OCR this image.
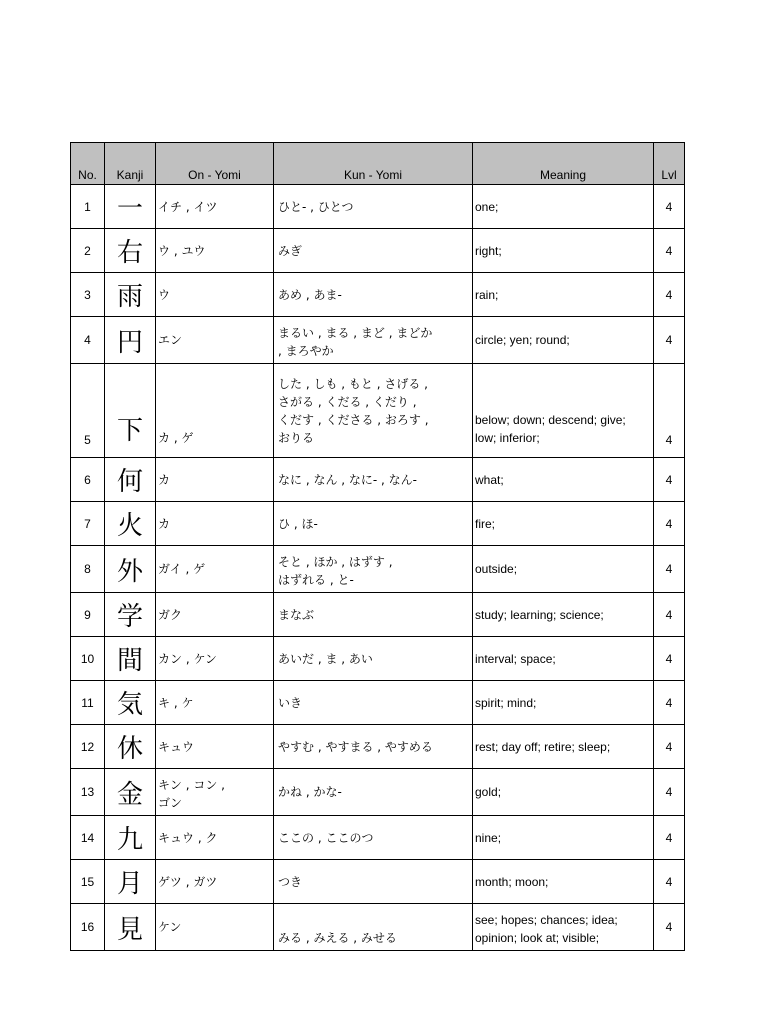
No.	Kanji	On - Yomi	Kun - Yomi	Meaning	Lvl
1	一	イチ , イツ	ひと- , ひとつ	one;	4
2	右	ウ , ユウ	みぎ	right;	4
3	雨	ウ	あめ , あま-	rain;	4
4	円	エン	まるい , まる , まど , まどか
, まろやか	circle; yen; round;	4
5	下	カ , ゲ	した , しも , もと , さげる ,
さがる , くだる , くだり ,
くだす , くださる , おろす ,
おりる	below; down; descend; give;
low; inferior;	4
6	何	カ	なに , なん , なに- , なん-	what;	4
7	火	カ	ひ , ほ-	fire;	4
8	外	ガイ , ゲ	そと , ほか , はずす ,
はずれる , と-	outside;	4
9	学	ガク	まなぶ	study; learning; science;	4
10	間	カン , ケン	あいだ , ま , あい	interval; space;	4
11	気	キ , ケ	いき	spirit; mind;	4
12	休	キュウ	やすむ , やすまる , やすめる	rest; day off; retire; sleep;	4
13	金	キン , コン ,
ゴン	かね , かな-	gold;	4
14	九	キュウ , ク	ここの , ここのつ	nine;	4
15	月	ゲツ , ガツ	つき	month; moon;	4
16	見	ケン	みる , みえる , みせる	see; hopes; chances; idea;
opinion; look at; visible;	4
